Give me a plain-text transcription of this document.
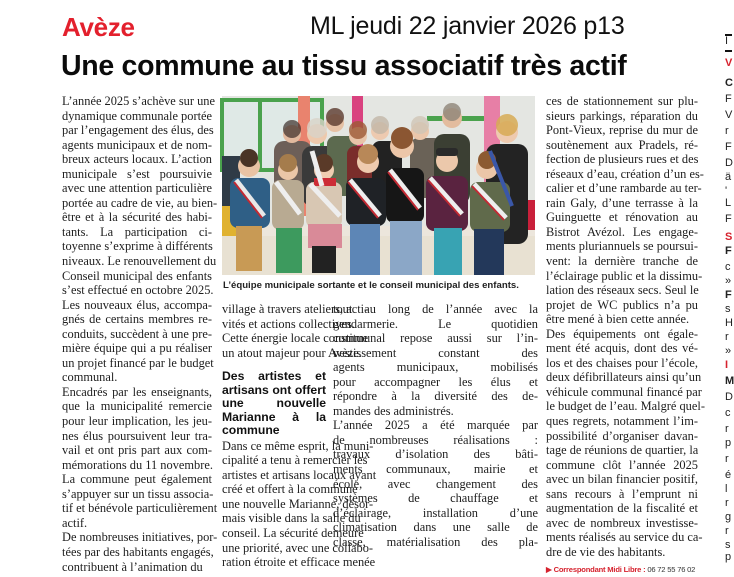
Avèze	ML jeudi 22 janvier 2026 p13
Une commune au tissu associatif très actif
L’année 2025 s’achève sur une
dynamique communale portée
par l’engagement des élus, des
agents municipaux et de nom-
breux acteurs locaux. L’action
municipale s’est poursuivie
avec une attention particulière
portée au cadre de vie, au bien-
être et à la sécurité des habi-
tants. La participation ci-
toyenne s’exprime à différents
niveaux. Le renouvellement du
Conseil municipal des enfants
s’est effectué en octobre 2025.
Les nouveaux élus, accompa-
gnés de certains membres re-
conduits, succèdent à une pre-
mière équipe qui a pu réaliser
un projet financé par le budget
communal.
Encadrés par les enseignants,
que la municipalité remercie
pour leur implication, les jeu-
nes élus poursuivent leur tra-
vail et ont pris part aux com-
mémorations du 11 novembre.
La commune peut également
s’appuyer sur un tissu associa-
tif et bénévole particulièrement
actif.
De nombreuses initiatives, por-
tées par des habitants engagés,
contribuent à l’animation du
L’équipe municipale sortante et le conseil municipal des enfants.
village à travers ateliers, acti-
vités et actions collectives.
Cette énergie locale constitue
un atout majeur pour Avèze.
Des artistes et artisans ont offert une nouvelle Marianne à la commune
Dans ce même esprit, la muni-
cipalité a tenu à remercier les
artistes et artisans locaux ayant
créé et offert à la commune
une nouvelle Marianne, désor-
mais visible dans la salle du
conseil. La sécurité demeure
une priorité, avec une collabo-
ration étroite et efficace menée
tout au long de l’année avec la
gendarmerie. Le quotidien
communal repose aussi sur l’in-
vestissement constant des
agents municipaux, mobilisés
pour accompagner les élus et
répondre à la diversité des de-
mandes des administrés.
L’année 2025 a été marquée par
de nombreuses réalisations :
travaux d’isolation des bâti-
ments communaux, mairie et
école, avec changement des
systèmes de chauffage et
d’éclairage, installation d’une
climatisation dans une salle de
classe, matérialisation des pla-
ces de stationnement sur plu-
sieurs parkings, réparation du
Pont-Vieux, reprise du mur de
soutènement aux Pradels, ré-
fection de plusieurs rues et des
réseaux d’eau, création d’un es-
calier et d’une rambarde au ter-
rain Galy, d’une terrasse à la
Guinguette et rénovation au
Bistrot Avézol. Les engage-
ments pluriannuels se poursui-
vent: la dernière tranche de
l’éclairage public et la dissimu-
lation des réseaux secs. Seul le
projet de WC publics n’a pu
être mené à bien cette année.
Des équipements ont égale-
ment été acquis, dont des vé-
los et des chaises pour l’école,
deux défibrillateurs ainsi qu’un
véhicule communal financé par
le budget de l’eau. Malgré quel-
ques regrets, notamment l’im-
possibilité d’organiser davan-
tage de réunions de quartier, la
commune clôt l’année 2025
avec un bilan financier positif,
sans recours à l’emprunt ni
augmentation de la fiscalité et
avec de nombreux investisse-
ments réalisés au service du ca-
dre de vie des habitants.
▶ Correspondant Midi Libre : 06 72 55 76 02
I
V
C
F
V
r
F
D
ä
'
L
F
S
F
c
»
F
s
H
r
»
I
M
D
c
r
p
r
é
l
r
g
r
s
p
